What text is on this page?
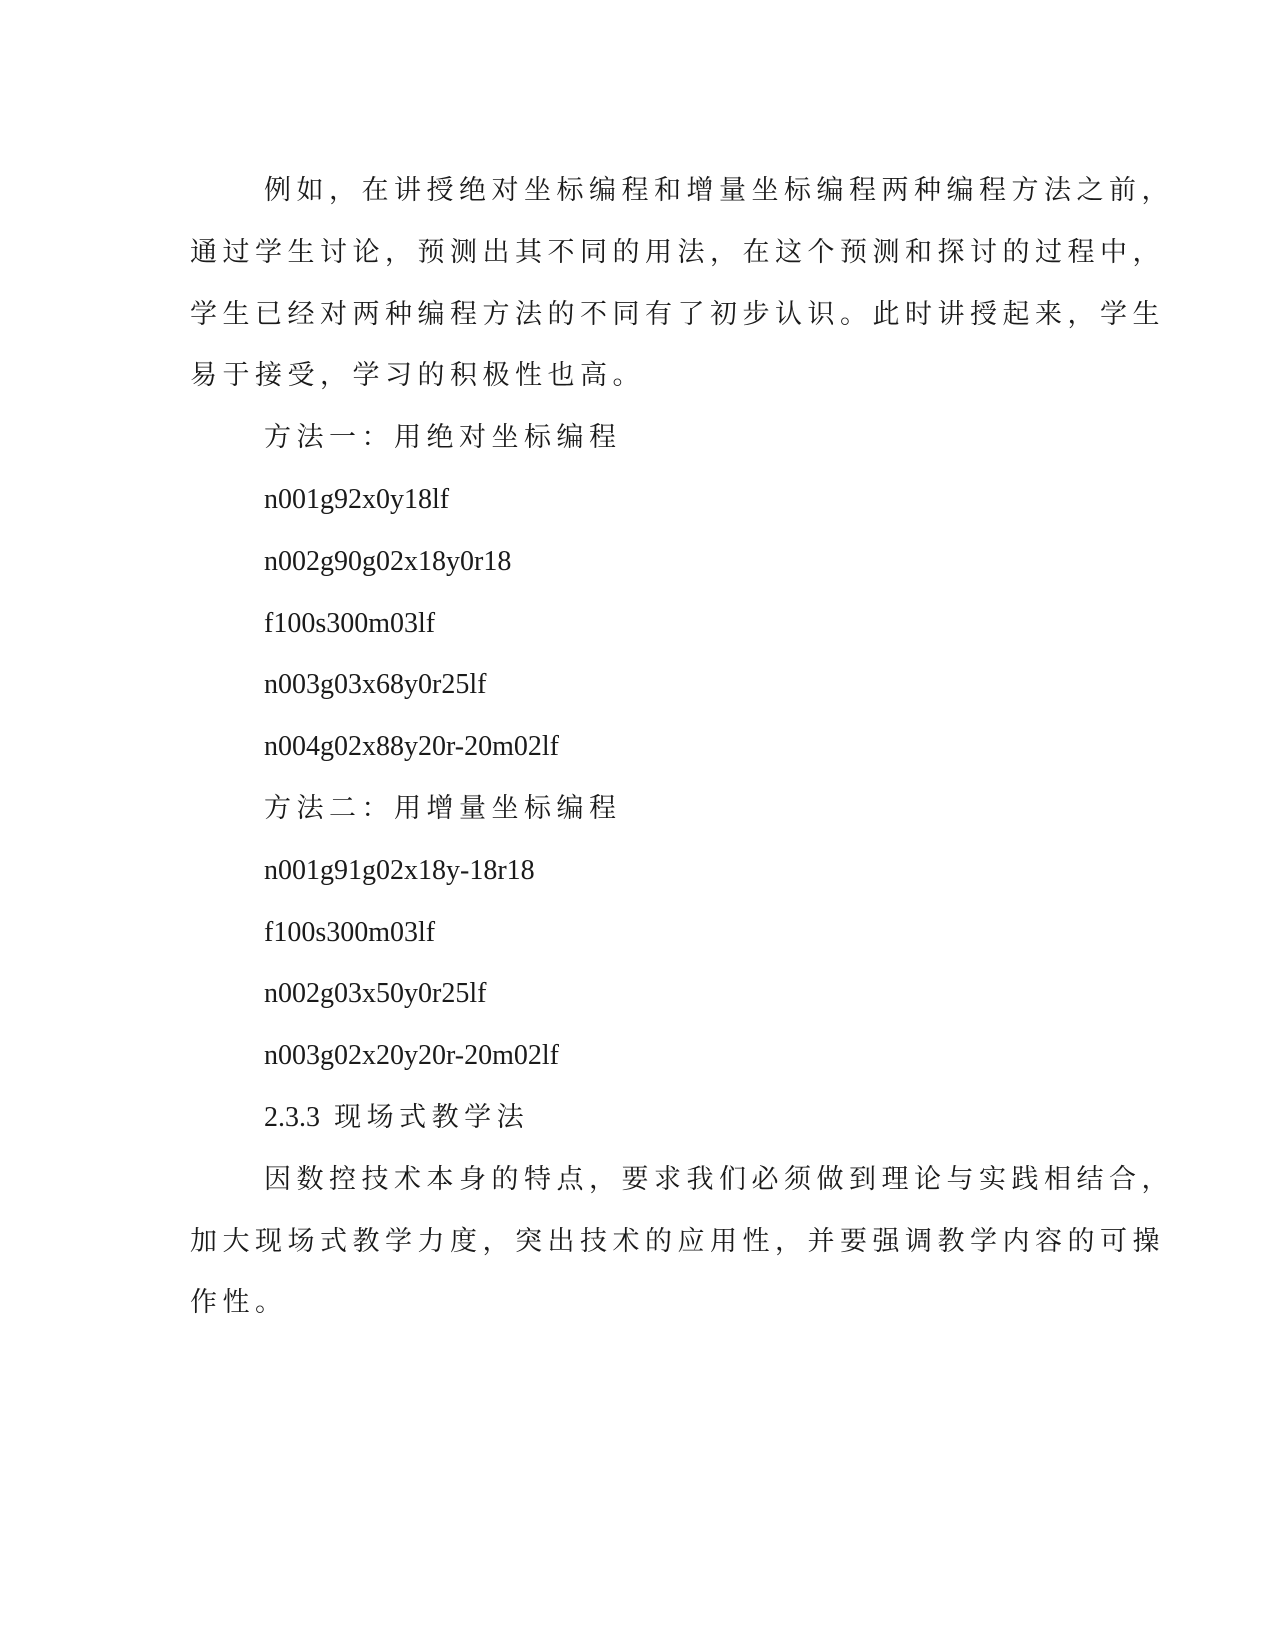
例如，在讲授绝对坐标编程和增量坐标编程两种编程方法之前，
通过学生讨论，预测出其不同的用法，在这个预测和探讨的过程中，
学生已经对两种编程方法的不同有了初步认识。此时讲授起来，学生
易于接受，学习的积极性也高。
方法一：用绝对坐标编程
n001g92x0y18lf
n002g90g02x18y0r18
f100s300m03lf
n003g03x68y0r25lf
n004g02x88y20r-20m02lf
方法二：用增量坐标编程
n001g91g02x18y-18r18
f100s300m03lf
n002g03x50y0r25lf
n003g02x20y20r-20m02lf
2.3.3 现场式教学法
因数控技术本身的特点，要求我们必须做到理论与实践相结合，
加大现场式教学力度，突出技术的应用性，并要强调教学内容的可操
作性。
